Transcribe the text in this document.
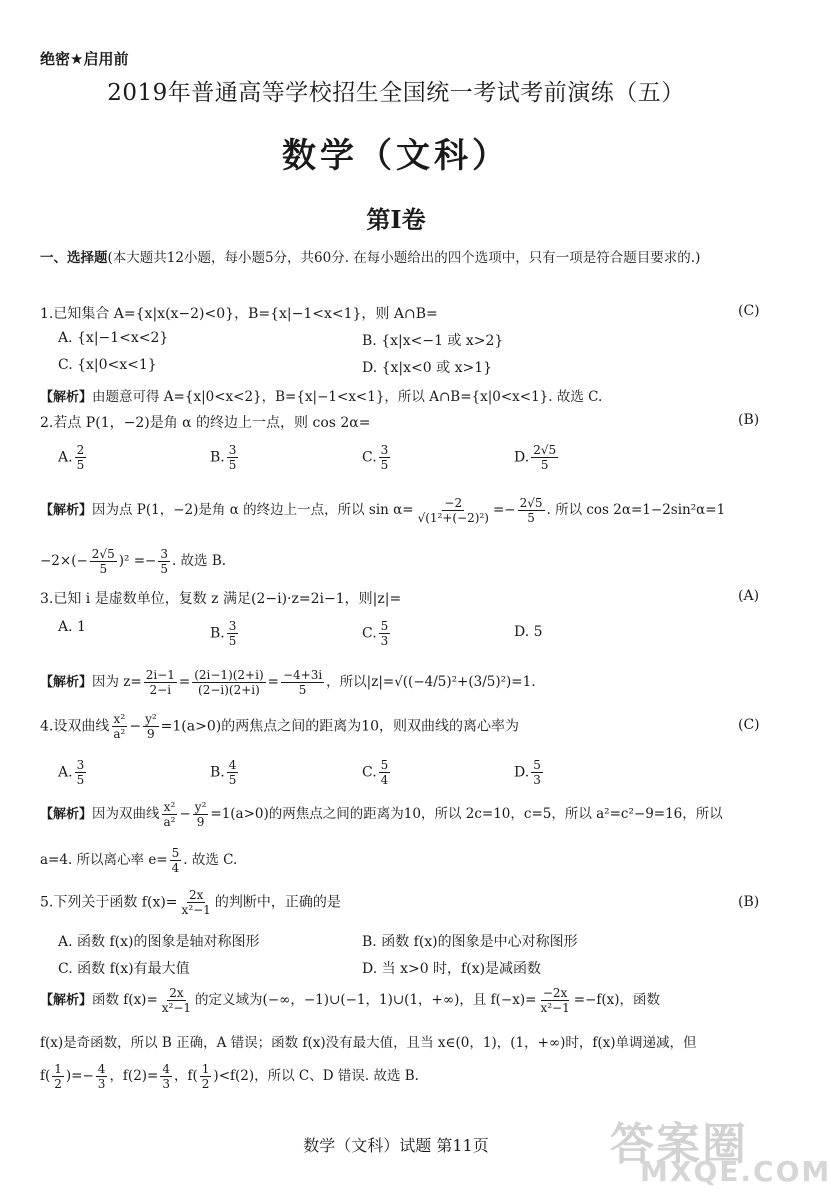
绝密★启用前
2019年普通高等学校招生全国统一考试考前演练（五）
数学（文科）
第Ⅰ卷
一、选择题(本大题共12小题，每小题5分，共60分. 在每小题给出的四个选项中，只有一项是符合题目要求的.)
1.已知集合 A={x|x(x−2)<0}，B={x|−1<x<1}，则 A∩B=	(C)
A. {x|−1<x<2}	B. {x|x<−1 或 x>2}
C. {x|0<x<1}	D. {x|x<0 或 x>1}
【解析】由题意可得 A={x|0<x<2}，B={x|−1<x<1}，所以 A∩B={x|0<x<1}. 故选 C.
2.若点 P(1，−2)是角 α 的终边上一点，则 cos 2α=	(B)
A. $\frac{2}{5}$	B. $\frac{3}{5}$	C. $\frac{3}{5}$	D. $\frac{2√5}{5}$
【解析】因为点 P(1，−2)是角 α 的终边上一点，所以 $\sin \alpha= \frac{-2}{\text{√(1²+(−2)²)}} =- \frac{2√5}{5}$ . 所以 cos 2α=1−2sin²α=1
$-2\times(- \frac{2√5}{5} )^2 =- \frac{3}{5}$ . 故选 B.
3.已知 i 是虚数单位，复数 z 满足(2−i)·z=2i−1，则|z|=	(A)
A. 1	B. $\frac{3}{5}$	C. $\frac{5}{3}$	D. 5
【解析】因为 $z= \frac{2i-1}{2-i} = \frac{(2i-1)(2+i)}{(2-i)(2+i)} = \frac{-4+3i}{5}$ ，所以|z|=√((−4/5)²+(3/5)²)=1.
4.设双曲线 $\frac{\text{x²}}{\text{a²}} - \frac{\text{y²}}{9} =1(a>0)$的两焦点之间的距离为10，则双曲线的离心率为	(C)
A. $\frac{3}{5}$	B. $\frac{4}{5}$	C. $\frac{5}{4}$	D. $\frac{5}{3}$
【解析】因为双曲线 $\frac{\text{x²}}{\text{a²}} - \frac{\text{y²}}{9} =1(a>0)$的两焦点之间的距离为10，所以 2c=10，c=5，所以 a²=c²−9=16，所以
a=4. 所以离心率 $e= \frac{5}{4}$ . 故选 C.
5.下列关于函数 $f(x)= \frac{2x}{\text{x²−1}}$ 的判断中，正确的是	(B)
A. 函数 f(x)的图象是轴对称图形	B. 函数 f(x)的图象是中心对称图形
C. 函数 f(x)有最大值	D. 当 x>0 时，f(x)是减函数
【解析】函数 $f(x)= \frac{2x}{\text{x²−1}}$ 的定义域为(−∞，−1)∪(−1，1)∪(1，+∞)，且 $f(-x)= \frac{-2x}{\text{x²−1}} =-f(x)$，函数
f(x)是奇函数，所以 B 正确，A 错误；函数 f(x)没有最大值，且当 x∈(0，1)，(1，+∞)时，f(x)单调递减，但
$f( \frac{1}{2}$ )=− $\frac{4}{3}$ ，$f(2)= \frac{4}{3}$ ，$f( \frac{1}{2} )<f(2)$，所以 C、D 错误. 故选 B.
答案圈
MXQE.COM
数学（文科）试题 第11页
